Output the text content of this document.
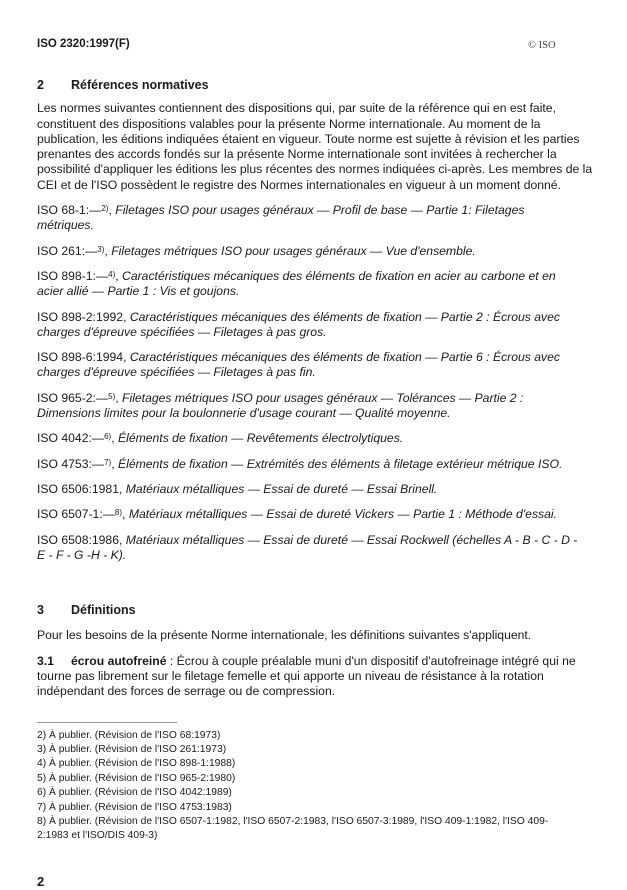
ISO 2320:1997(F)	© ISO
2 Références normatives
Les normes suivantes contiennent des dispositions qui, par suite de la référence qui en est faite, constituent des dispositions valables pour la présente Norme internationale. Au moment de la publication, les éditions indiquées étaient en vigueur. Toute norme est sujette à révision et les parties prenantes des accords fondés sur la présente Norme internationale sont invitées à rechercher la possibilité d'appliquer les éditions les plus récentes des normes indiquées ci-après. Les membres de la CEI et de l'ISO possèdent le registre des Normes internationales en vigueur à un moment donné.
ISO 68-1:—$^{2)}$, Filetages ISO pour usages généraux — Profil de base — Partie 1: Filetages métriques.
ISO 261:—$^{3)}$, Filetages métriques ISO pour usages généraux — Vue d'ensemble.
ISO 898-1:—$^{4)}$, Caractéristiques mécaniques des éléments de fixation en acier au carbone et en acier allié — Partie 1 : Vis et goujons.
ISO 898-2:1992, Caractéristiques mécaniques des éléments de fixation — Partie 2 : Écrous avec charges d'épreuve spécifiées — Filetages à pas gros.
ISO 898-6:1994, Caractéristiques mécaniques des éléments de fixation — Partie 6 : Écrous avec charges d'épreuve spécifiées — Filetages à pas fin.
ISO 965-2:—$^{5)}$, Filetages métriques ISO pour usages généraux — Tolérances — Partie 2 : Dimensions limites pour la boulonnerie d'usage courant — Qualité moyenne.
ISO 4042:—$^{6)}$, Éléments de fixation — Revêtements électrolytiques.
ISO 4753:—$^{7)}$, Éléments de fixation — Extrémités des éléments à filetage extérieur métrique ISO.
ISO 6506:1981, Matériaux métalliques — Essai de dureté — Essai Brinell.
ISO 6507-1:—$^{8)}$, Matériaux métalliques — Essai de dureté Vickers — Partie 1 : Méthode d'essai.
ISO 6508:1986, Matériaux métalliques — Essai de dureté — Essai Rockwell (échelles A - B - C - D - E - F - G -H - K).
3 Définitions
Pour les besoins de la présente Norme internationale, les définitions suivantes s'appliquent.
3.1 écrou autofreiné : Écrou à couple préalable muni d'un dispositif d'autofreinage intégré qui ne tourne pas librement sur le filetage femelle et qui apporte un niveau de résistance à la rotation indépendant des forces de serrage ou de compression.
2) À publier. (Révision de l'ISO 68:1973)
3) À publier. (Révision de l'ISO 261:1973)
4) À publier. (Révision de l'ISO 898-1:1988)
5) À publier. (Révision de l'ISO 965-2:1980)
6) À publier. (Révision de l'ISO 4042:1989)
7) À publier. (Révision de l'ISO 4753:1983)
8) À publier. (Révision de l'ISO 6507-1:1982, l'ISO 6507-2:1983, l'ISO 6507-3:1989, l'ISO 409-1:1982, l'ISO 409-2:1983 et l'ISO/DIS 409-3)
2
